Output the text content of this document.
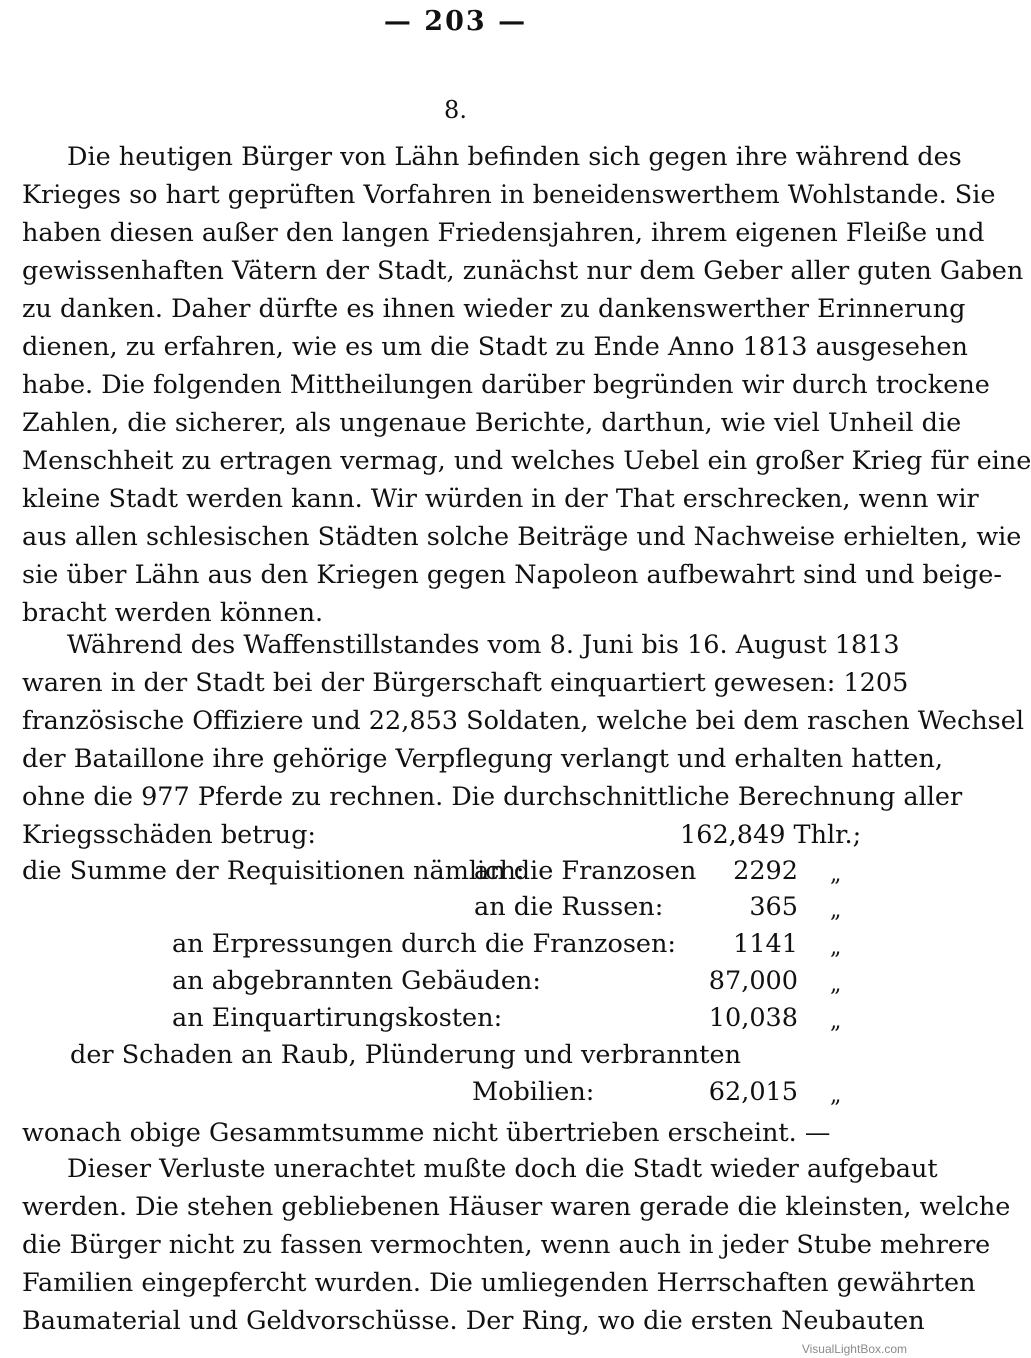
— 203 —
8.
Die heutigen Bürger von Lähn befinden sich gegen ihre während des
Krieges so hart geprüften Vorfahren in beneidenswerthem Wohlstande. Sie
haben diesen außer den langen Friedensjahren, ihrem eigenen Fleiße und
gewissenhaften Vätern der Stadt, zunächst nur dem Geber aller guten Gaben
zu danken. Daher dürfte es ihnen wieder zu dankenswerther Erinnerung
dienen, zu erfahren, wie es um die Stadt zu Ende Anno 1813 ausgesehen
habe. Die folgenden Mittheilungen darüber begründen wir durch trockene
Zahlen, die sicherer, als ungenaue Berichte, darthun, wie viel Unheil die
Menschheit zu ertragen vermag, und welches Uebel ein großer Krieg für eine
kleine Stadt werden kann. Wir würden in der That erschrecken, wenn wir
aus allen schlesischen Städten solche Beiträge und Nachweise erhielten, wie
sie über Lähn aus den Kriegen gegen Napoleon aufbewahrt sind und beige-
bracht werden können.
Während des Waffenstillstandes vom 8. Juni bis 16. August 1813
waren in der Stadt bei der Bürgerschaft einquartiert gewesen: 1205
französische Offiziere und 22,853 Soldaten, welche bei dem raschen Wechsel
der Bataillone ihre gehörige Verpflegung verlangt und erhalten hatten,
ohne die 977 Pferde zu rechnen. Die durchschnittliche Berechnung aller
Kriegsschäden betrug:	162,849 Thlr.;
die Summe der Requisitionen nämlich:
an die Franzosen	2292 „
an die Russen:	365 „
an Erpressungen durch die Franzosen:	1141 „
an abgebrannten Gebäuden:	87,000 „
an Einquartirungskosten:	10,038 „
der Schaden an Raub, Plünderung und verbrannten
Mobilien:	62,015 „
wonach obige Gesammtsumme nicht übertrieben erscheint. —
Dieser Verluste unerachtet mußte doch die Stadt wieder aufgebaut
werden. Die stehen gebliebenen Häuser waren gerade die kleinsten, welche
die Bürger nicht zu fassen vermochten, wenn auch in jeder Stube mehrere
Familien eingepfercht wurden. Die umliegenden Herrschaften gewährten
Baumaterial und Geldvorschüsse. Der Ring, wo die ersten Neubauten
VisualLightBox.com
